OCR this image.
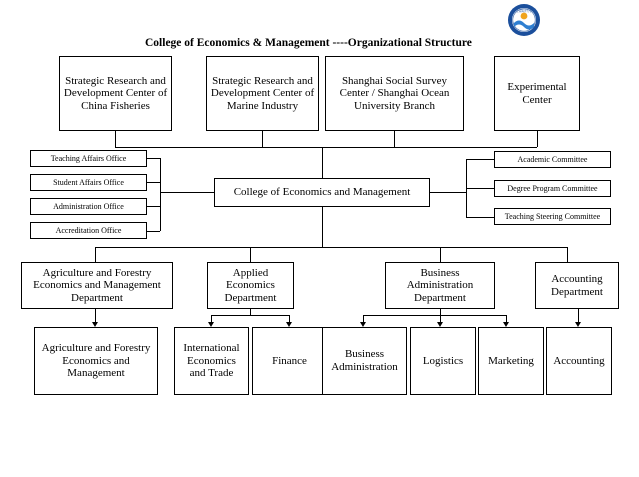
上海海洋大学
College of Economics & Management ----Organizational Structure
Strategic Research and Development Center of China Fisheries
Strategic Research and Development Center of Marine Industry
Shanghai Social Survey Center / Shanghai Ocean University Branch
Experimental Center
College of Economics and Management
Teaching Affairs Office
Student Affairs Office
Administration Office
Accreditation Office
Academic Committee
Degree Program Committee
Teaching Steering Committee
Agriculture and Forestry Economics and Management Department
Applied Economics Department
Business Administration Department
Accounting Department
Agriculture and Forestry Economics and Management
International Economics and Trade
Finance
Business Administration
Logistics	Marketing	Accounting
